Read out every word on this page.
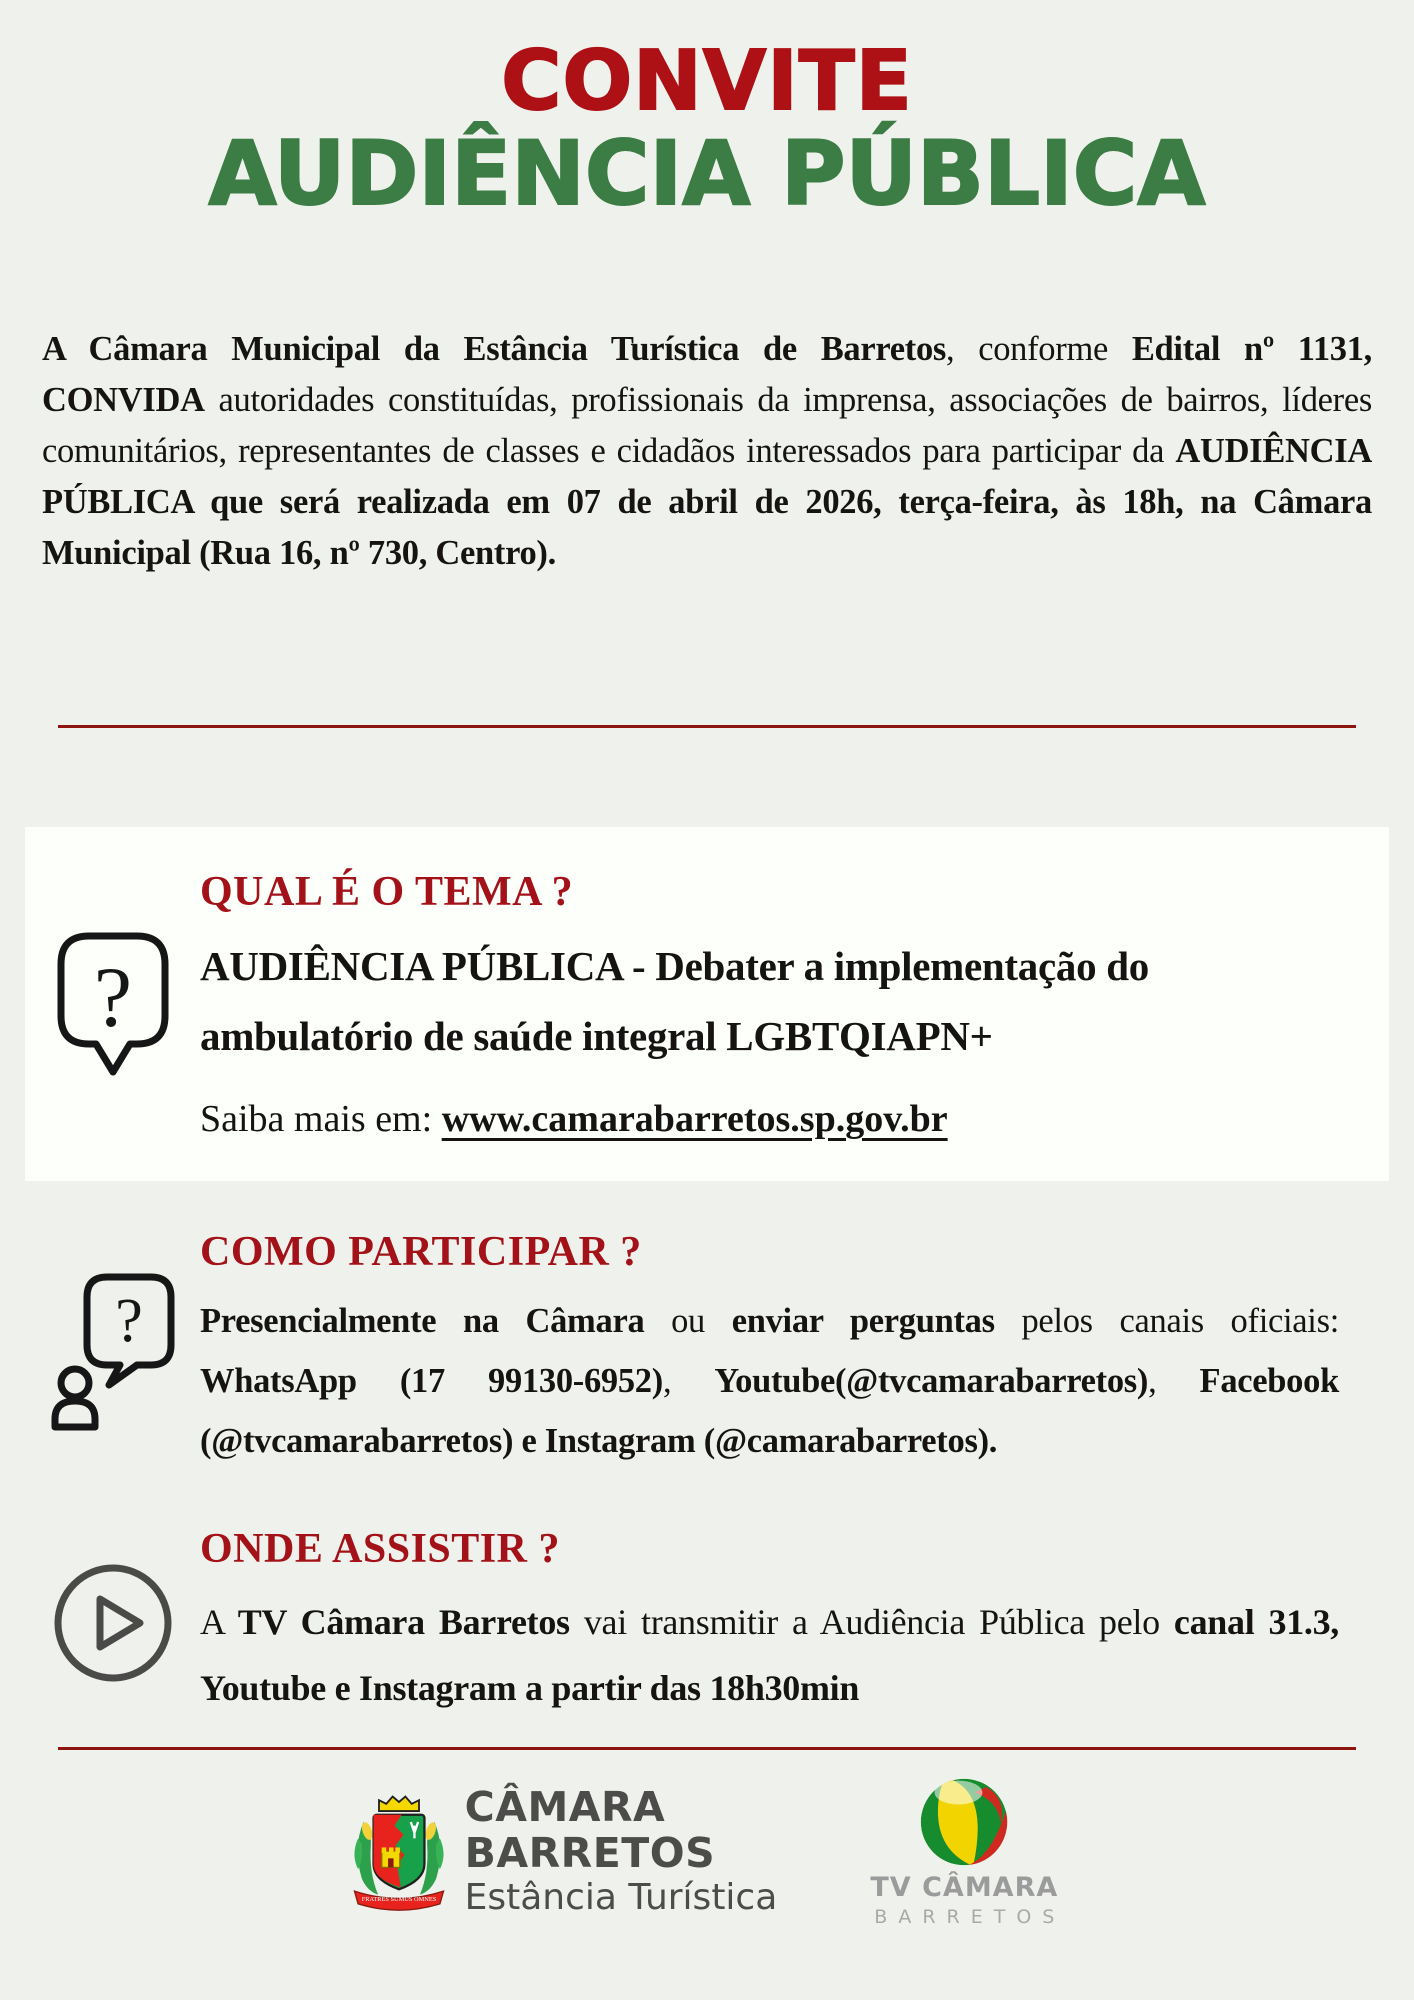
CONVITE
AUDIÊNCIA PÚBLICA

A Câmara Municipal da Estância Turística de Barretos, conforme Edital nº 1131, CONVIDA autoridades constituídas, profissionais da imprensa, associações de bairros, líderes comunitários, representantes de classes e cidadãos interessados para participar da AUDIÊNCIA PÚBLICA que será realizada em 07 de abril de 2026, terça-feira, às 18h, na Câmara Municipal (Rua 16, nº 730, Centro).

?
QUAL É O TEMA ?

AUDIÊNCIA PÚBLICA - Debater a implementação do ambulatório de saúde integral LGBTQIAPN+

Saiba mais em: www.camarabarretos.sp.gov.br

?
COMO PARTICIPAR ?

Presencialmente na Câmara ou enviar perguntas pelos canais oficiais: WhatsApp (17 99130-6952), Youtube(@tvcamarabarretos), Facebook (@tvcamarabarretos) e Instagram (@camarabarretos).

ONDE ASSISTIR ?

A TV Câmara Barretos vai transmitir a Audiência Pública pelo canal 31.3, Youtube e Instagram a partir das 18h30min

FRATRES SUMUS OMNES
CÂMARA
BARRETOS
Estância Turística	TV CÂMARA
BARRETOS
